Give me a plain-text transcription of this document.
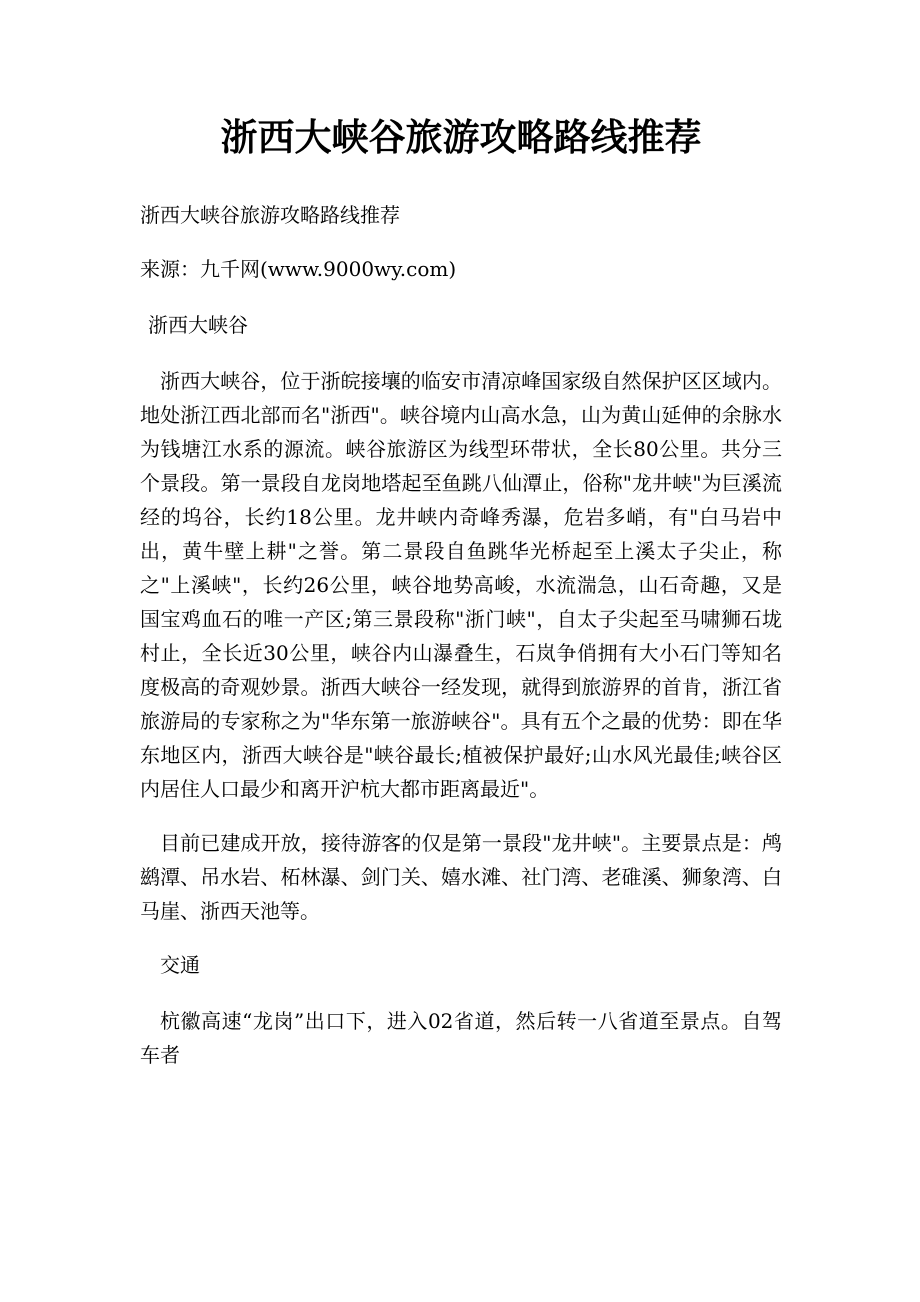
浙西大峡谷旅游攻略路线推荐

浙西大峡谷旅游攻略路线推荐

来源：九千网(www.9000wy.com)

浙西大峡谷

浙西大峡谷，位于浙皖接壤的临安市清凉峰国家级自然保护区区域内。地处浙江西北部而名"浙西"。峡谷境内山高水急，山为黄山延伸的余脉水为钱塘江水系的源流。峡谷旅游区为线型环带状，全长80公里。共分三个景段。第一景段自龙岗地塔起至鱼跳八仙潭止，俗称"龙井峡"为巨溪流经的坞谷，长约18公里。龙井峡内奇峰秀瀑，危岩多峭，有"白马岩中出，黄牛壁上耕"之誉。第二景段自鱼跳华光桥起至上溪太子尖止，称之"上溪峡"，长约26公里，峡谷地势高峻，水流湍急，山石奇趣，又是国宝鸡血石的唯一产区;第三景段称"浙门峡"，自太子尖起至马啸狮石垅村止，全长近30公里，峡谷内山瀑叠生，石岚争俏拥有大小石门等知名度极高的奇观妙景。浙西大峡谷一经发现，就得到旅游界的首肯，浙江省旅游局的专家称之为"华东第一旅游峡谷"。具有五个之最的优势：即在华东地区内，浙西大峡谷是"峡谷最长;植被保护最好;山水风光最佳;峡谷区内居住人口最少和离开沪杭大都市距离最近"。

目前已建成开放，接待游客的仅是第一景段"龙井峡"。主要景点是：鸬鹚潭、吊水岩、柘林瀑、剑门关、嬉水滩、社门湾、老碓溪、狮象湾、白马崖、浙西天池等。

交通

杭徽高速“龙岗”出口下，进入02省道，然后转一八省道至景点。自驾车者
